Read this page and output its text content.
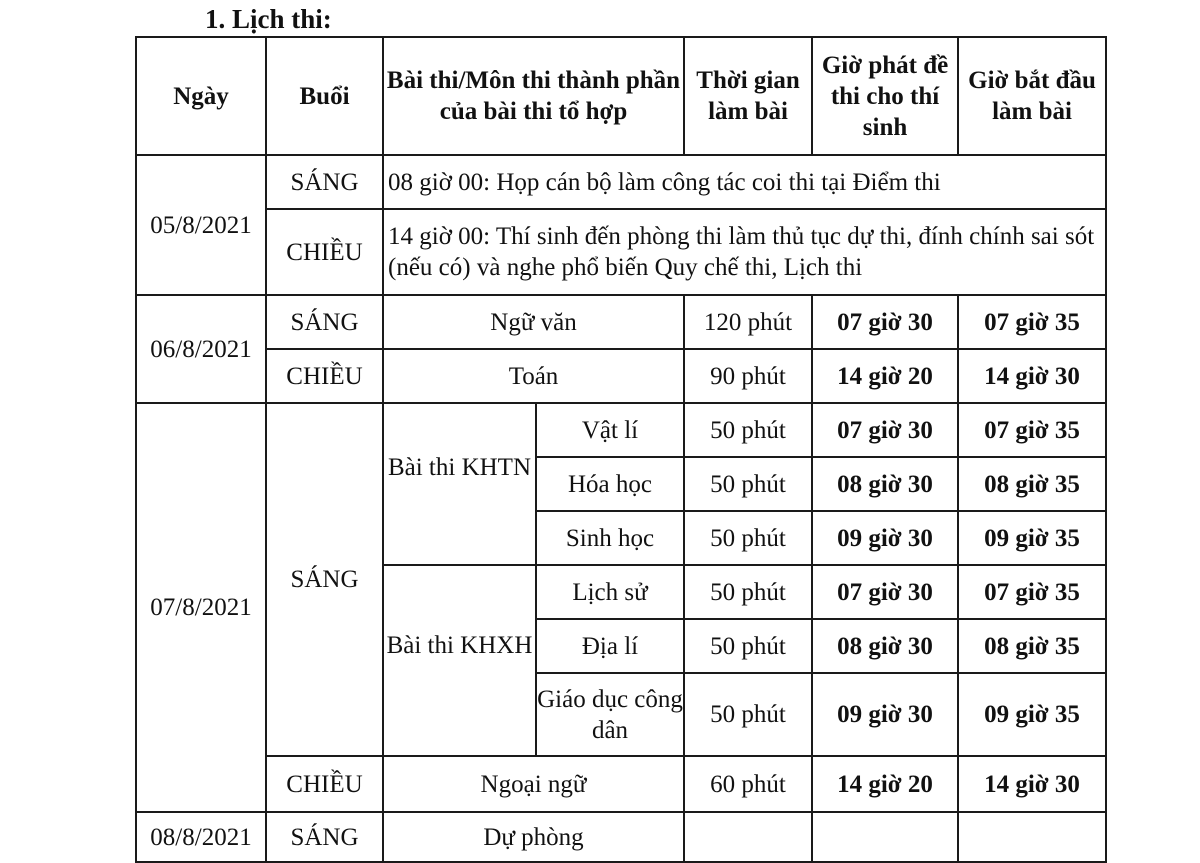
1. Lịch thi:

Ngày	Buổi	Bài thi/Môn thi thành phần của bài thi tổ hợp		Thời gian làm bài	Giờ phát đề thi cho thí sinh	Giờ bắt đầu làm bài
05/8/2021	SÁNG	08 giờ 00: Họp cán bộ làm công tác coi thi tại Điểm thi				
	CHIỀU	14 giờ 00: Thí sinh đến phòng thi làm thủ tục dự thi, đính chính sai sót (nếu có) và nghe phổ biến Quy chế thi, Lịch thi				
06/8/2021	SÁNG	Ngữ văn		120 phút	07 giờ 30	07 giờ 35
	CHIỀU	Toán		90 phút	14 giờ 20	14 giờ 30
07/8/2021	SÁNG	Bài thi KHTN	Vật lí	50 phút	07 giờ 30	07 giờ 35
			Hóa học	50 phút	08 giờ 30	08 giờ 35
			Sinh học	50 phút	09 giờ 30	09 giờ 35
		Bài thi KHXH	Lịch sử	50 phút	07 giờ 30	07 giờ 35
			Địa lí	50 phút	08 giờ 30	08 giờ 35
			Giáo dục công dân	50 phút	09 giờ 30	09 giờ 35
	CHIỀU	Ngoại ngữ		60 phút	14 giờ 20	14 giờ 30
08/8/2021	SÁNG	Dự phòng				
